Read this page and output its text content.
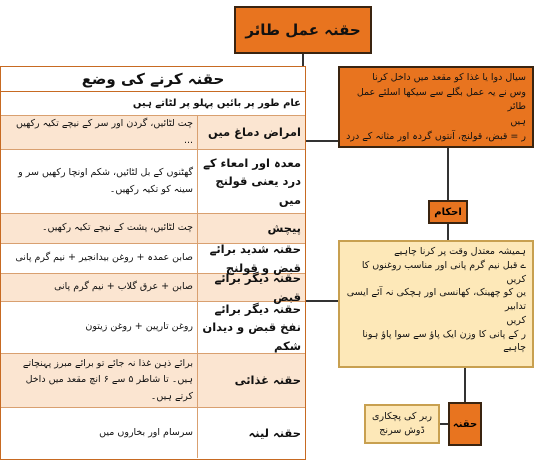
حقنہ عمل طائر
حقنہ کرنے کی وضع
عام طور پر بائیں پہلو پر لٹاتے ہیں
امراض دماغ میں
چت لٹائیں، گردن اور سر کے نیچے تکیہ رکھیں ...
معدہ اور امعاء کے درد یعنی قولنج میں
گھٹنوں کے بل لٹائیں، شکم اونچا رکھیں سر و سینہ کو تکیہ رکھیں۔
پیچش
چت لٹائیں، پشت کے نیچے تکیہ رکھیں۔
حقنہ شدید برائے قبض و قولنج
صابن عمدہ + روغن بیدانجیر + نیم گرم پانی
حقنہ دیگر برائے قبض
صابن + عرق گلاب + نیم گرم پانی
حقنہ دیگر برائے نفخ قبض و دیدان شکم
روغن تارپین + روغن زیتون
حقنہ غذائی
برائے ذہن غذا نہ جائے تو برائے مبرز پہنچاتے ہیں۔ تا شاطر ۵ سے ۶ انچ مقعد میں داخل کرتے ہیں۔
حقنہ لینہ
سرسام اور بخاروں میں

سیال دوا یا غذا کو مقعد میں داخل کرنا

وس نے یہ عمل بگلے سے سیکھا اسلئے عمل طائر

ہیں

ر = قبض، قولنج، آنتوں گردہ اور مثانہ کے درد

احکام

ہمیشہ معتدل وقت پر کرنا چاہیے

ے قبل نیم گرم پانی اور مناسب روغنوں کا

کریں

ین کو چھینک، کھانسی اور ہچکی نہ آئے ایسی تدابیر

کریں

ر کے پانی کا وزن ایک پاؤ سے سوا پاؤ ہونا چاہیے

حقنہ

ربر کی پچکاری

ڈوش سرنج
